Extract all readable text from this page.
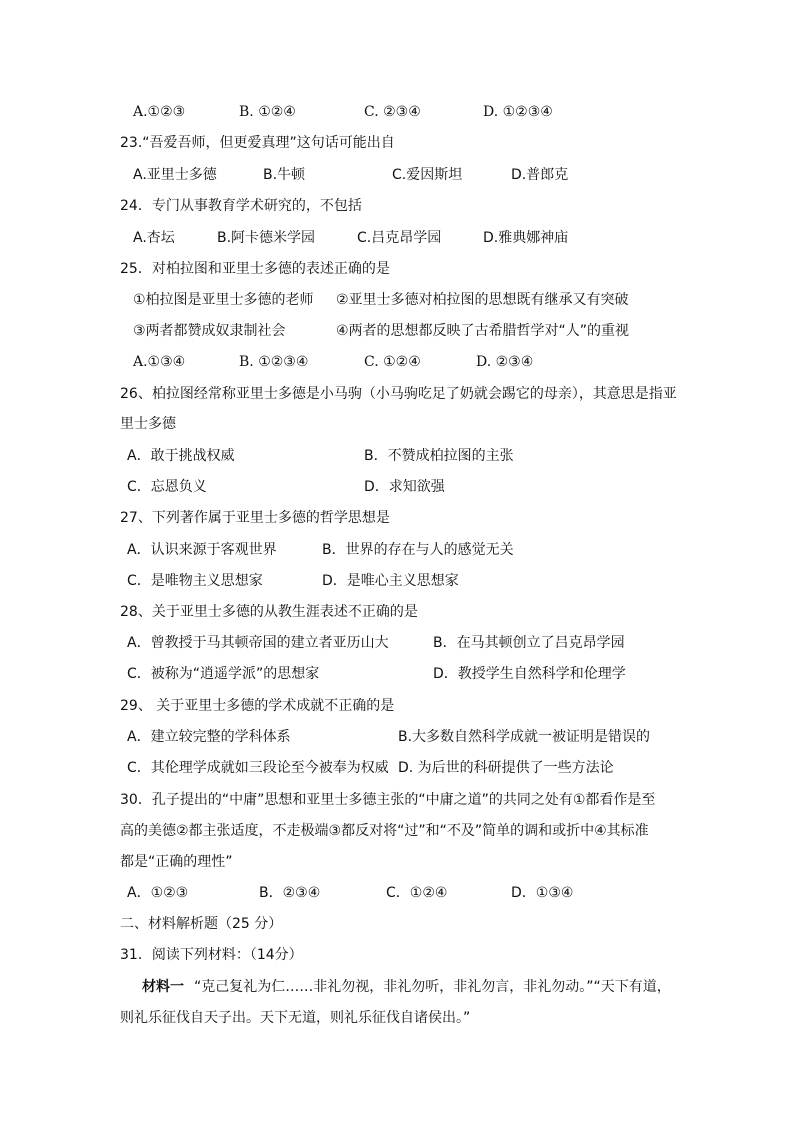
A.①②③	B. ①②④	C. ②③④	D. ①②③④
23.“吾爱吾师，但更爱真理”这句话可能出自
A.亚里士多德	B.牛顿	C.爱因斯坦	D.普郎克
24．专门从事教育学术研究的，不包括
A.杏坛	B.阿卡德米学园	C.吕克昂学园	D.雅典娜神庙
25．对柏拉图和亚里士多德的表述正确的是
①柏拉图是亚里士多德的老师 ②亚里士多德对柏拉图的思想既有继承又有突破
③两者都赞成奴隶制社会	④两者的思想都反映了古希腊哲学对“人”的重视
A.①③④	B. ①②③④	C. ①②④	D. ②③④
26、柏拉图经常称亚里士多德是小马驹（小马驹吃足了奶就会踢它的母亲），其意思是指亚
里士多德
A．敢于挑战权威	B．不赞成柏拉图的主张
C．忘恩负义	D．求知欲强
27、下列著作属于亚里士多德的哲学思想是
A．认识来源于客观世界	B．世界的存在与人的感觉无关
C．是唯物主义思想家	D．是唯心主义思想家
28、关于亚里士多德的从教生涯表述不正确的是
A．曾教授于马其顿帝国的建立者亚历山大	B．在马其顿创立了吕克昂学园
C．被称为“逍遥学派”的思想家	D．教授学生自然科学和伦理学
29、 关于亚里士多德的学术成就不正确的是
A．建立较完整的学科体系	B.大多数自然科学成就一被证明是错误的
C．其伦理学成就如三段论至今被奉为权威 D. 为后世的科研提供了一些方法论
30．孔子提出的“中庸”思想和亚里士多德主张的“中庸之道”的共同之处有①都看作是至
高的美德②都主张适度，不走极端③都反对将“过”和“不及”简单的调和或折中④其标准
都是“正确的理性”
A．①②③	B．②③④	C．①②④	D．①③④
二、材料解析题（25 分）
31．阅读下列材料：（14分）
材料一 “克己复礼为仁……非礼勿视，非礼勿听，非礼勿言，非礼勿动。”“天下有道，
则礼乐征伐自天子出。天下无道，则礼乐征伐自诸侯出。”
